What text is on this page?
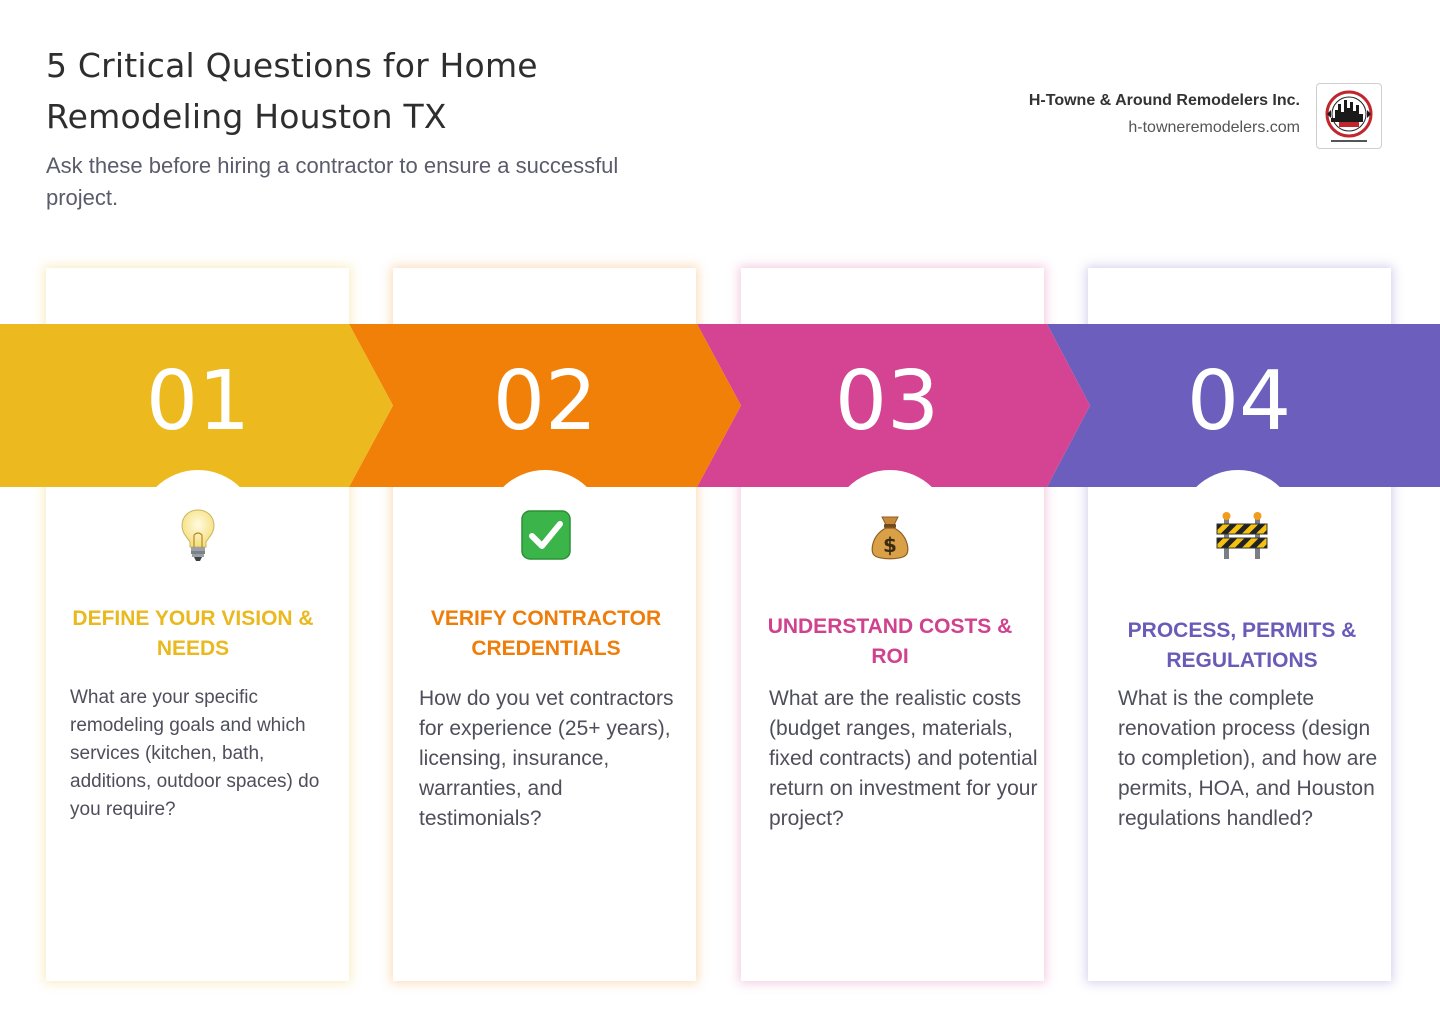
5 Critical Questions for Home Remodeling Houston TX
Ask these before hiring a contractor to ensure a successful project.
H-Towne & Around Remodelers Inc.
h-towneremodelers.com
01	02	03	04
$
DEFINE YOUR VISION & NEEDS
VERIFY CONTRACTOR CREDENTIALS
UNDERSTAND COSTS & ROI
PROCESS, PERMITS & REGULATIONS
What are your specific remodeling goals and which services (kitchen, bath, additions, outdoor spaces) do you require?
How do you vet contractors for experience (25+ years), licensing, insurance, warranties, and testimonials?
What are the realistic costs (budget ranges, materials, fixed contracts) and potential return on investment for your project?
What is the complete renovation process (design to completion), and how are permits, HOA, and Houston regulations handled?
